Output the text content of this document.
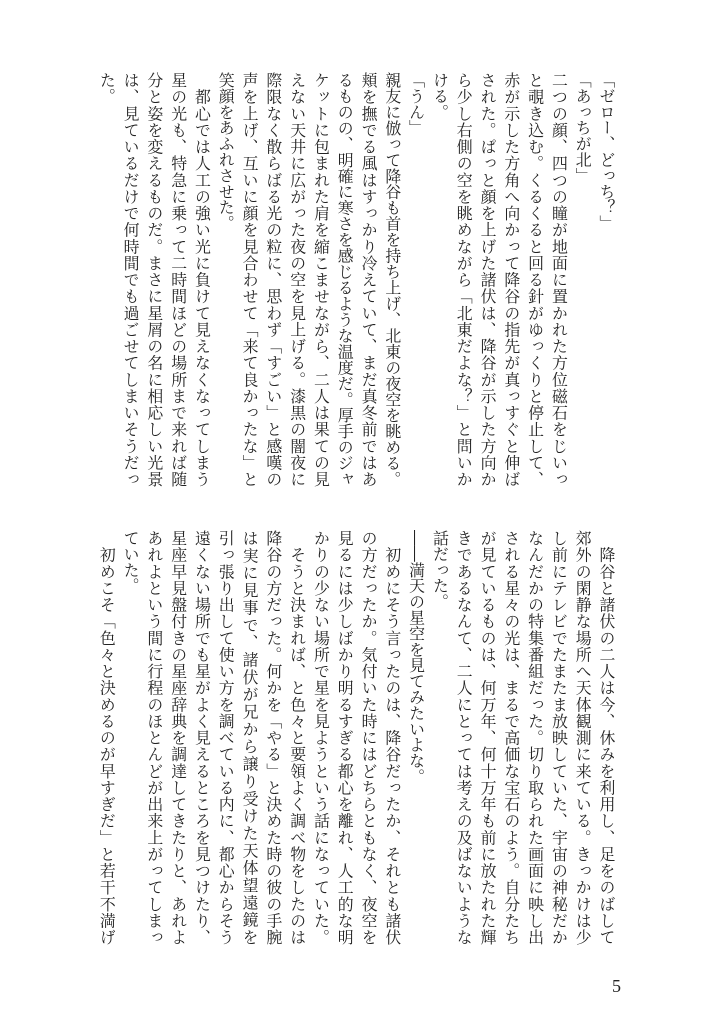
「ゼロー、どっち？」
「あっちが北」
二つの顔、四つの瞳が地面に置かれた方位磁石をじいっ
と覗き込む。くるくると回る針がゆっくりと停止して、
赤が示した方角へ向かって降谷の指先が真っすぐと伸ば
された。ぱっと顔を上げた諸伏は、降谷が示した方向か
ら少し右側の空を眺めながら「北東だよな？」と問いか
ける。
「うん」
親友に倣って降谷も首を持ち上げ、北東の夜空を眺める。
頬を撫でる風はすっかり冷えていて、まだ真冬前ではあ
るものの、明確に寒さを感じるような温度だ。厚手のジャ
ケットに包まれた肩を縮こませながら、二人は果ての見
えない天井に広がった夜の空を見上げる。漆黒の闇夜に
際限なく散らばる光の粒に、思わず「すごい」と感嘆の
声を上げ、互いに顔を見合わせて「来て良かったな」と
笑顔をあふれさせた。
　都心では人工の強い光に負けて見えなくなってしまう
星の光も、特急に乗って二時間ほどの場所まで来れば随
分と姿を変えるものだ。まさに星屑の名に相応しい光景
は、見ているだけで何時間でも過ごせてしまいそうだっ
た。
　降谷と諸伏の二人は今、休みを利用し、足をのばして
郊外の閑静な場所へ天体観測に来ている。きっかけは少
し前にテレビでたまたま放映していた、宇宙の神秘だか
なんだかの特集番組だった。切り取られた画面に映し出
される星々の光は、まるで高価な宝石のよう。自分たち
が見ているものは、何万年、何十万年も前に放たれた輝
きであるなんて、二人にとっては考えの及ばないような
話だった。
――満天の星空を見てみたいよな。
　初めにそう言ったのは、降谷だったか、それとも諸伏
の方だったか。気付いた時にはどちらともなく、夜空を
見るには少しばかり明るすぎる都心を離れ、人工的な明
かりの少ない場所で星を見ようという話になっていた。
　そうと決まれば、と色々と要領よく調べ物をしたのは
降谷の方だった。何かを「やる」と決めた時の彼の手腕
は実に見事で、諸伏が兄から譲り受けた天体望遠鏡を
引っ張り出して使い方を調べている内に、都心からそう
遠くない場所でも星がよく見えるところを見つけたり、
星座早見盤付きの星座辞典を調達してきたりと、あれよ
あれよという間に行程のほとんどが出来上がってしまっ
ていた。
　初めこそ「色々と決めるのが早すぎだ」と若干不満げ
5
